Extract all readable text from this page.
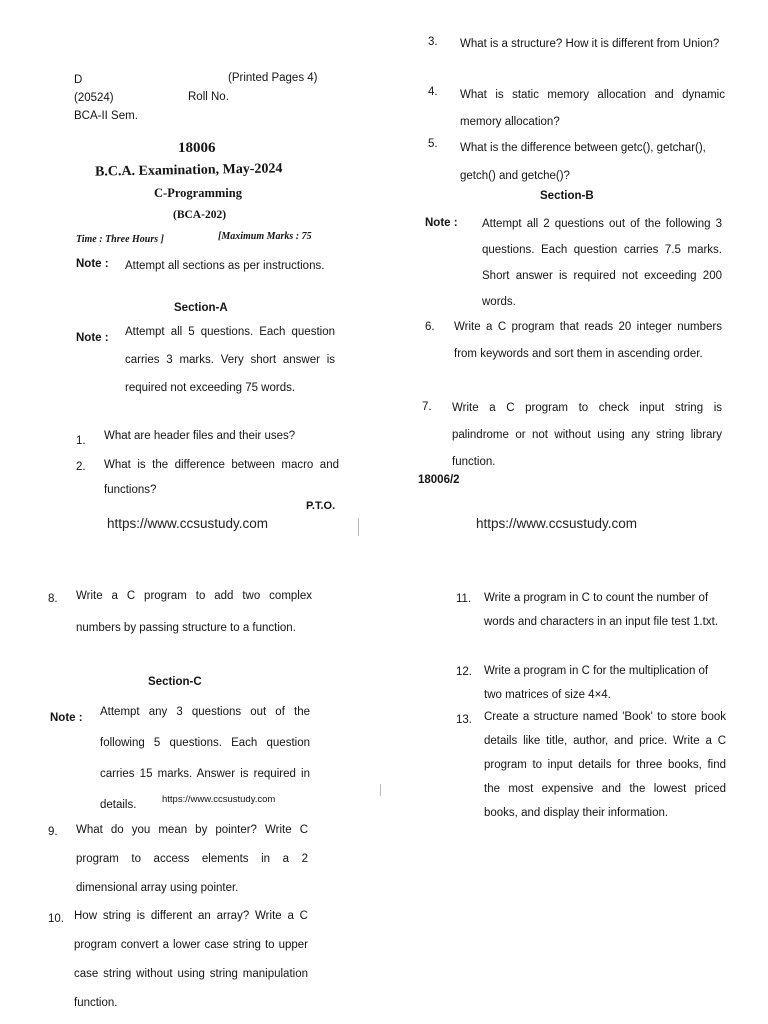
D	(Printed Pages 4)
(20524)	Roll No.
BCA-II Sem.
18006
B.C.A. Examination, May-2024
C-Programming
(BCA-202)
Time : Three Hours ]	[Maximum Marks : 75
Note : Attempt all sections as per instructions.
Section-A
Note : Attempt all 5 questions. Each question carries 3 marks. Very short answer is required not exceeding 75 words.
1. What are header files and their uses?
2. What is the difference between macro and functions?
P.T.O.
https://www.ccsustudy.com
3. What is a structure? How it is different from Union?
4. What is static memory allocation and dynamic memory allocation?
5. What is the difference between getc(), getchar(), getch() and getche()?
Section-B
Note : Attempt all 2 questions out of the following 3 questions. Each question carries 7.5 marks. Short answer is required not exceeding 200 words.
6. Write a C program that reads 20 integer numbers from keywords and sort them in ascending order.
7. Write a C program to check input string is palindrome or not without using any string library function.
18006/2
https://www.ccsustudy.com
8. Write a C program to add two complex numbers by passing structure to a function.
Section-C
Note : Attempt any 3 questions out of the following 5 questions. Each question carries 15 marks. Answer is required in details.	https://www.ccsustudy.com
9. What do you mean by pointer? Write C program to access elements in a 2 dimensional array using pointer.
10. How string is different an array? Write a C program convert a lower case string to upper case string without using string manipulation function.
11. Write a program in C to count the number of words and characters in an input file test 1.txt.
12. Write a program in C for the multiplication of two matrices of size 4×4.
13. Create a structure named 'Book' to store book details like title, author, and price. Write a C program to input details for three books, find the most expensive and the lowest priced books, and display their information.
